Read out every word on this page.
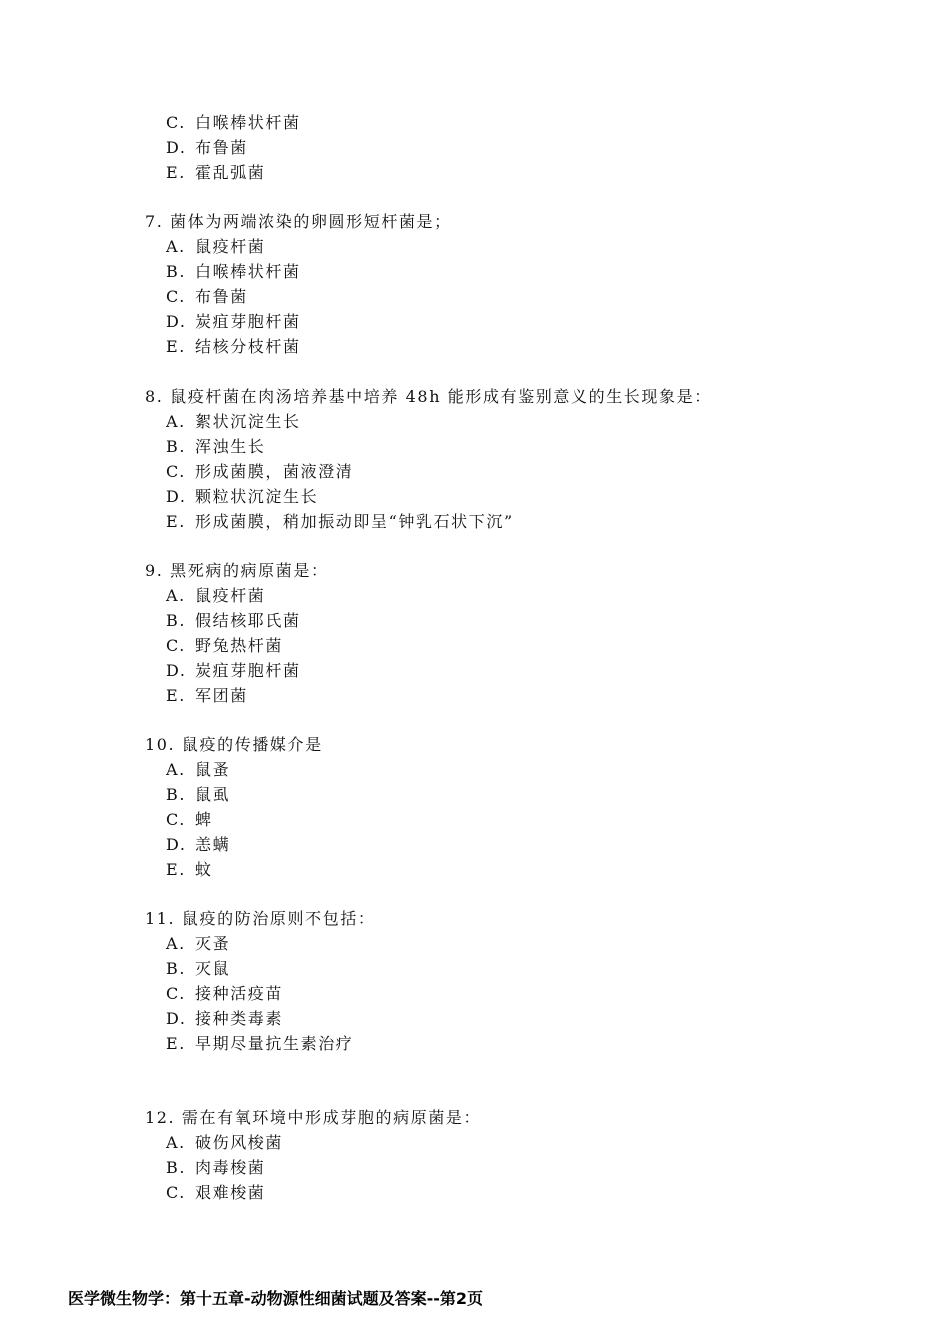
C. 白喉棒状杆菌
D. 布鲁菌
E. 霍乱弧菌
7. 菌体为两端浓染的卵圆形短杆菌是；
A. 鼠疫杆菌
B. 白喉棒状杆菌
C. 布鲁菌
D. 炭疽芽胞杆菌
E. 结核分枝杆菌
8. 鼠疫杆菌在肉汤培养基中培养 48h 能形成有鉴别意义的生长现象是：
A. 絮状沉淀生长
B. 浑浊生长
C. 形成菌膜，菌液澄清
D. 颗粒状沉淀生长
E. 形成菌膜，稍加振动即呈“钟乳石状下沉”
9. 黑死病的病原菌是：
A. 鼠疫杆菌
B. 假结核耶氏菌
C. 野兔热杆菌
D. 炭疽芽胞杆菌
E. 军团菌
10. 鼠疫的传播媒介是
A. 鼠蚤
B. 鼠虱
C. 蜱
D. 恙螨
E. 蚊
11. 鼠疫的防治原则不包括：
A. 灭蚤
B. 灭鼠
C. 接种活疫苗
D. 接种类毒素
E. 早期尽量抗生素治疗
12. 需在有氧环境中形成芽胞的病原菌是：
A. 破伤风梭菌
B. 肉毒梭菌
C. 艰难梭菌
医学微生物学：第十五章-动物源性细菌试题及答案--第2页
